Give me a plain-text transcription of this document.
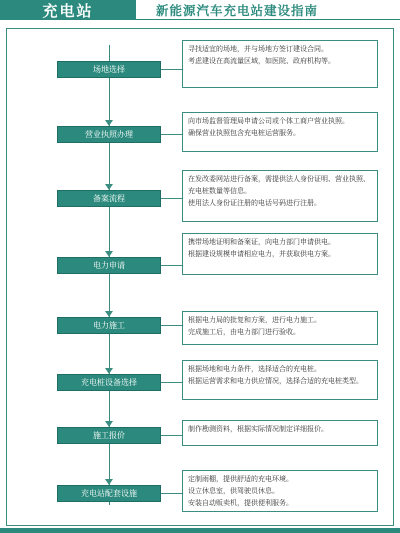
充电站	新能源汽车充电站建设指南
场地选择
寻找适宜的场地，并与场地方签订建设合同。
考虑建设在高流量区域，如医院、政府机构等。
营业执照办理
向市场监督管理局申请公司或个体工商户营业执照。
确保营业执照包含充电桩运营服务。
备案流程
在发改委网站进行备案，需提供法人身份证明、营业执照、充电桩数量等信息。
使用法人身份证注册的电话号码进行注册。
电力申请
携带场地证明和备案证，向电力部门申请供电。
根据建设规模申请相应电力，并获取供电方案。
电力施工
根据电力局的批复和方案，进行电力施工。
完成施工后，由电力部门进行验收。
充电桩设备选择
根据场地和电力条件，选择适合的充电桩。
根据运营需求和电力供应情况，选择合适的充电桩类型。
施工报价
制作勘测资料，根据实际情况制定详细报价。
充电站配套设施
定制雨棚，提供舒适的充电环境。
设立休息室，供驾驶员休息。
安装自动贩卖机，提供便利服务。
